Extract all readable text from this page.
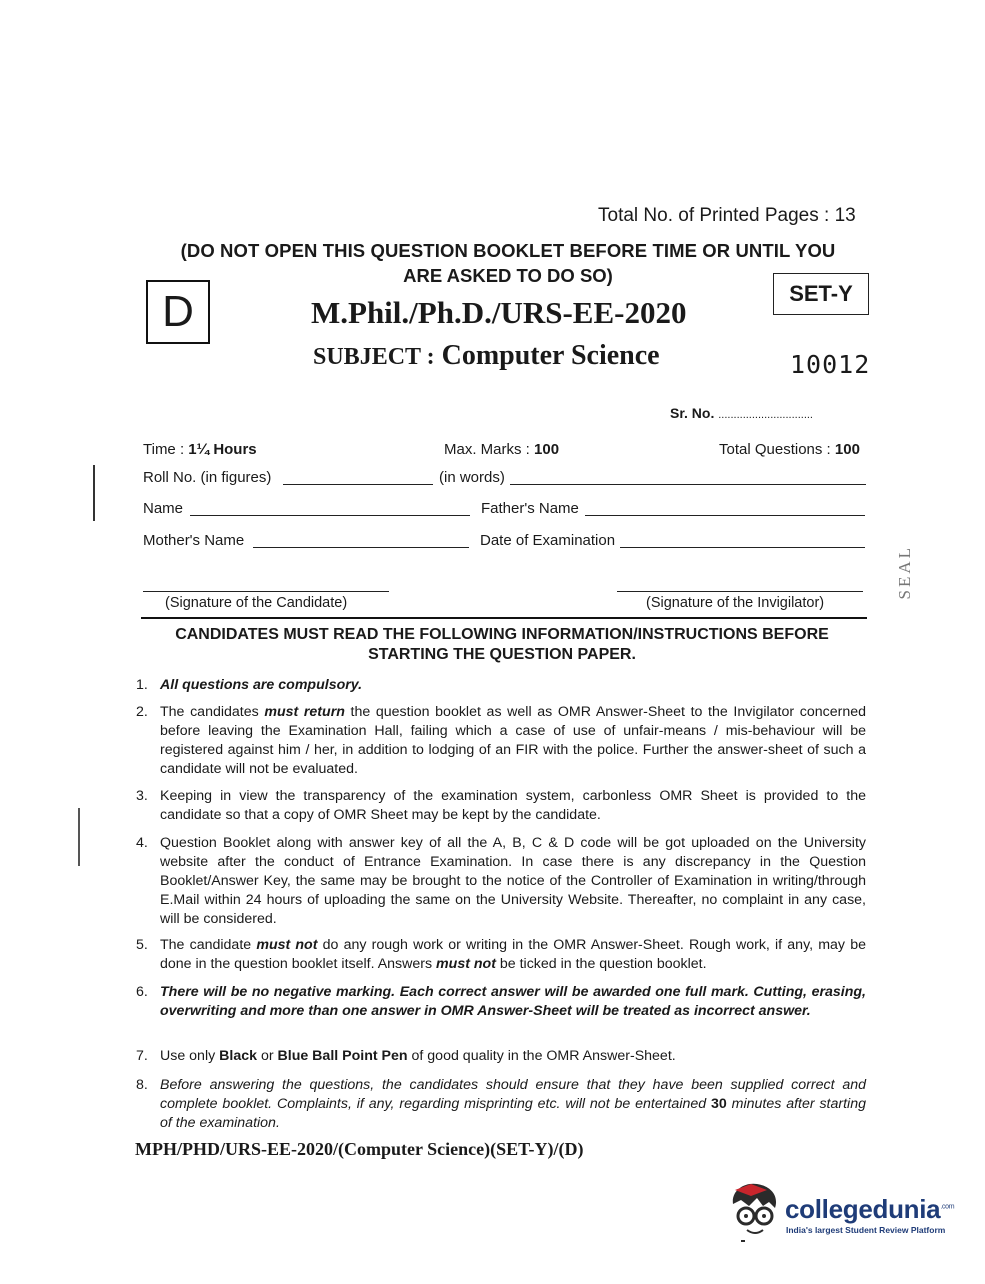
Total No. of Printed Pages : 13
(DO NOT OPEN THIS QUESTION BOOKLET BEFORE TIME OR UNTIL YOU
ARE ASKED TO DO SO)
D	SET-Y
M.Phil./Ph.D./URS-EE-2020
SUBJECT : Computer Science	10012
Sr. No. ...............................
Time : 1¼ Hours	Max. Marks : 100	Total Questions : 100
Roll No. (in figures)	(in words)
Name	Father's Name
Mother's Name	Date of Examination
(Signature of the Candidate)	(Signature of the Invigilator)
SEAL
CANDIDATES MUST READ THE FOLLOWING INFORMATION/INSTRUCTIONS BEFORE
STARTING THE QUESTION PAPER.
1. All questions are compulsory.
2. The candidates must return the question booklet as well as OMR Answer-Sheet to the Invigilator concerned before leaving the Examination Hall, failing which a case of use of unfair-means / mis-behaviour will be registered against him / her, in addition to lodging of an FIR with the police. Further the answer-sheet of such a candidate will not be evaluated.
3. Keeping in view the transparency of the examination system, carbonless OMR Sheet is provided to the candidate so that a copy of OMR Sheet may be kept by the candidate.
4. Question Booklet along with answer key of all the A, B, C & D code will be got uploaded on the University website after the conduct of Entrance Examination. In case there is any discrepancy in the Question Booklet/Answer Key, the same may be brought to the notice of the Controller of Examination in writing/through E.Mail within 24 hours of uploading the same on the University Website. Thereafter, no complaint in any case, will be considered.
5. The candidate must not do any rough work or writing in the OMR Answer-Sheet. Rough work, if any, may be done in the question booklet itself. Answers must not be ticked in the question booklet.
6. There will be no negative marking. Each correct answer will be awarded one full mark. Cutting, erasing, overwriting and more than one answer in OMR Answer-Sheet will be treated as incorrect answer.
7. Use only Black or Blue Ball Point Pen of good quality in the OMR Answer-Sheet.
8. Before answering the questions, the candidates should ensure that they have been supplied correct and complete booklet. Complaints, if any, regarding misprinting etc. will not be entertained 30 minutes after starting of the examination.
MPH/PHD/URS-EE-2020/(Computer Science)(SET-Y)/(D)
collegedunia$^{.com}$
India's largest Student Review Platform
